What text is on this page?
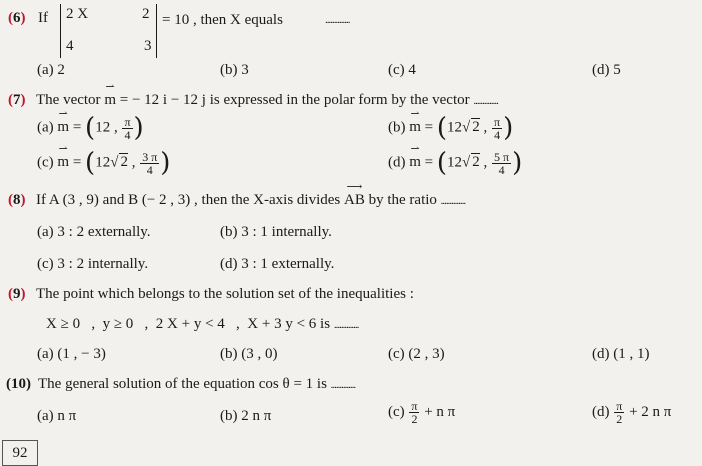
(6) If 2 X	2
4	3
= 10 , then X equals	..............
(a) 2	(b) 3	(c) 4	(d) 5
(7) The vector ⇀ m = − 12 i − 12 j is expressed in the polar form by the vector ..............
(a) ⇀ m = (12 , $\frac{\pi}{4}$ )	(b) ⇀ m = (12√ 2 , $\frac{\pi}{4}$ )
(c) ⇀ m = (12√ 2 , $\frac{3 \pi}{4}$ )	(d) ⇀ m = (12√ 2 , $\frac{5 \pi}{4}$ )
(8) If A (3 , 9) and B (− 2 , 3) , then the X-axis divides ⟶ AB by the ratio ..............
(a) 3 : 2 externally.	(b) 3 : 1 internally.
(c) 3 : 2 internally.	(d) 3 : 1 externally.
(9) The point which belongs to the solution set of the inequalities :
X ≥ 0   ,  y ≥ 0   ,  2 X + y < 4   ,  X + 3 y < 6 is ..............
(a) (1 , − 3)	(b) (3 , 0)	(c) (2 , 3)	(d) (1 , 1)
(10) The general solution of the equation cos θ = 1 is ..............
(a) n π	(b) 2 n π	$(c) \frac{\pi}{2} + n$ π	$(d) \frac{\pi}{2} + 2$ n π
92
